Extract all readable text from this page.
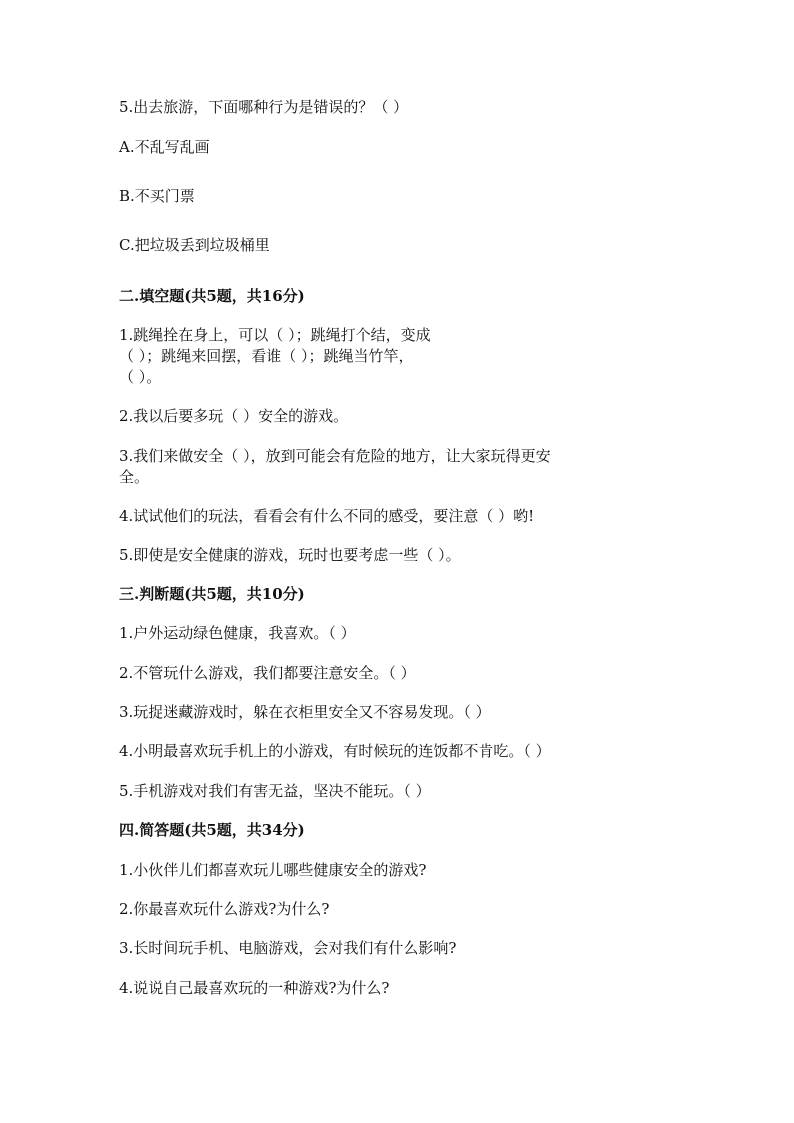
5.出去旅游，下面哪种行为是错误的？（ ）
A.不乱写乱画
B.不买门票
C.把垃圾丢到垃圾桶里
二.填空题(共5题，共16分)
1.跳绳拴在身上，可以（ ）；跳绳打个结，变成
（ ）；跳绳来回摆，看谁（ ）；跳绳当竹竿，
（ ）。
2.我以后要多玩（ ）安全的游戏。
3.我们来做安全（ ），放到可能会有危险的地方，让大家玩得更安
全。
4.试试他们的玩法，看看会有什么不同的感受，要注意（ ）哟!
5.即使是安全健康的游戏，玩时也要考虑一些（ ）。
三.判断题(共5题，共10分)
1.户外运动绿色健康，我喜欢。（ ）
2.不管玩什么游戏，我们都要注意安全。（ ）
3.玩捉迷藏游戏时，躲在衣柜里安全又不容易发现。（ ）
4.小明最喜欢玩手机上的小游戏，有时候玩的连饭都不肯吃。（ ）
5.手机游戏对我们有害无益，坚决不能玩。（ ）
四.简答题(共5题，共34分)
1.小伙伴儿们都喜欢玩儿哪些健康安全的游戏?
2.你最喜欢玩什么游戏?为什么?
3.长时间玩手机、电脑游戏，会对我们有什么影响?
4.说说自己最喜欢玩的一种游戏?为什么?
